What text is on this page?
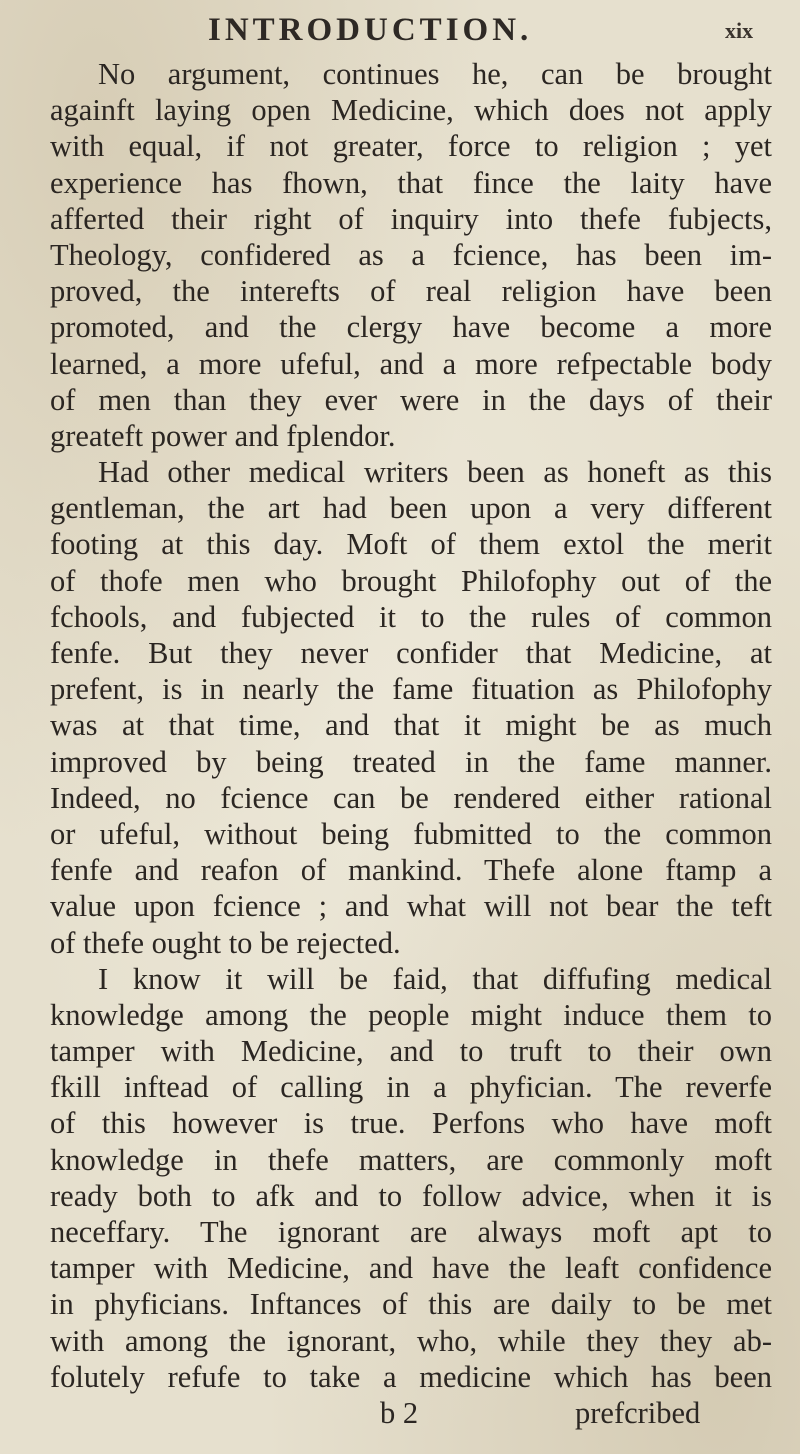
INTRODUCTION.	xix
No argument, continues he, can be brought
againft laying open Medicine, which does not apply
with equal, if not greater, force to religion ; yet
experience has fhown, that fince the laity have
afferted their right of inquiry into thefe fubjects,
Theology, confidered as a fcience, has been im-
proved, the interefts of real religion have been
promoted, and the clergy have become a more
learned, a more ufeful, and a more refpectable body
of men than they ever were in the days of their
greateft power and fplendor.
Had other medical writers been as honeft as this
gentleman, the art had been upon a very different
footing at this day. Moft of them extol the merit
of thofe men who brought Philofophy out of the
fchools, and fubjected it to the rules of common
fenfe. But they never confider that Medicine, at
prefent, is in nearly the fame fituation as Philofophy
was at that time, and that it might be as much
improved by being treated in the fame manner.
Indeed, no fcience can be rendered either rational
or ufeful, without being fubmitted to the common
fenfe and reafon of mankind. Thefe alone ftamp a
value upon fcience ; and what will not bear the teft
of thefe ought to be rejected.
I know it will be faid, that diffufing medical
knowledge among the people might induce them to
tamper with Medicine, and to truft to their own
fkill inftead of calling in a phyfician. The reverfe
of this however is true. Perfons who have moft
knowledge in thefe matters, are commonly moft
ready both to afk and to follow advice, when it is
neceffary. The ignorant are always moft apt to
tamper with Medicine, and have the leaft confidence
in phyficians. Inftances of this are daily to be met
with among the ignorant, who, while they they ab-
folutely refufe to take a medicine which has been
b 2	prefcribed
